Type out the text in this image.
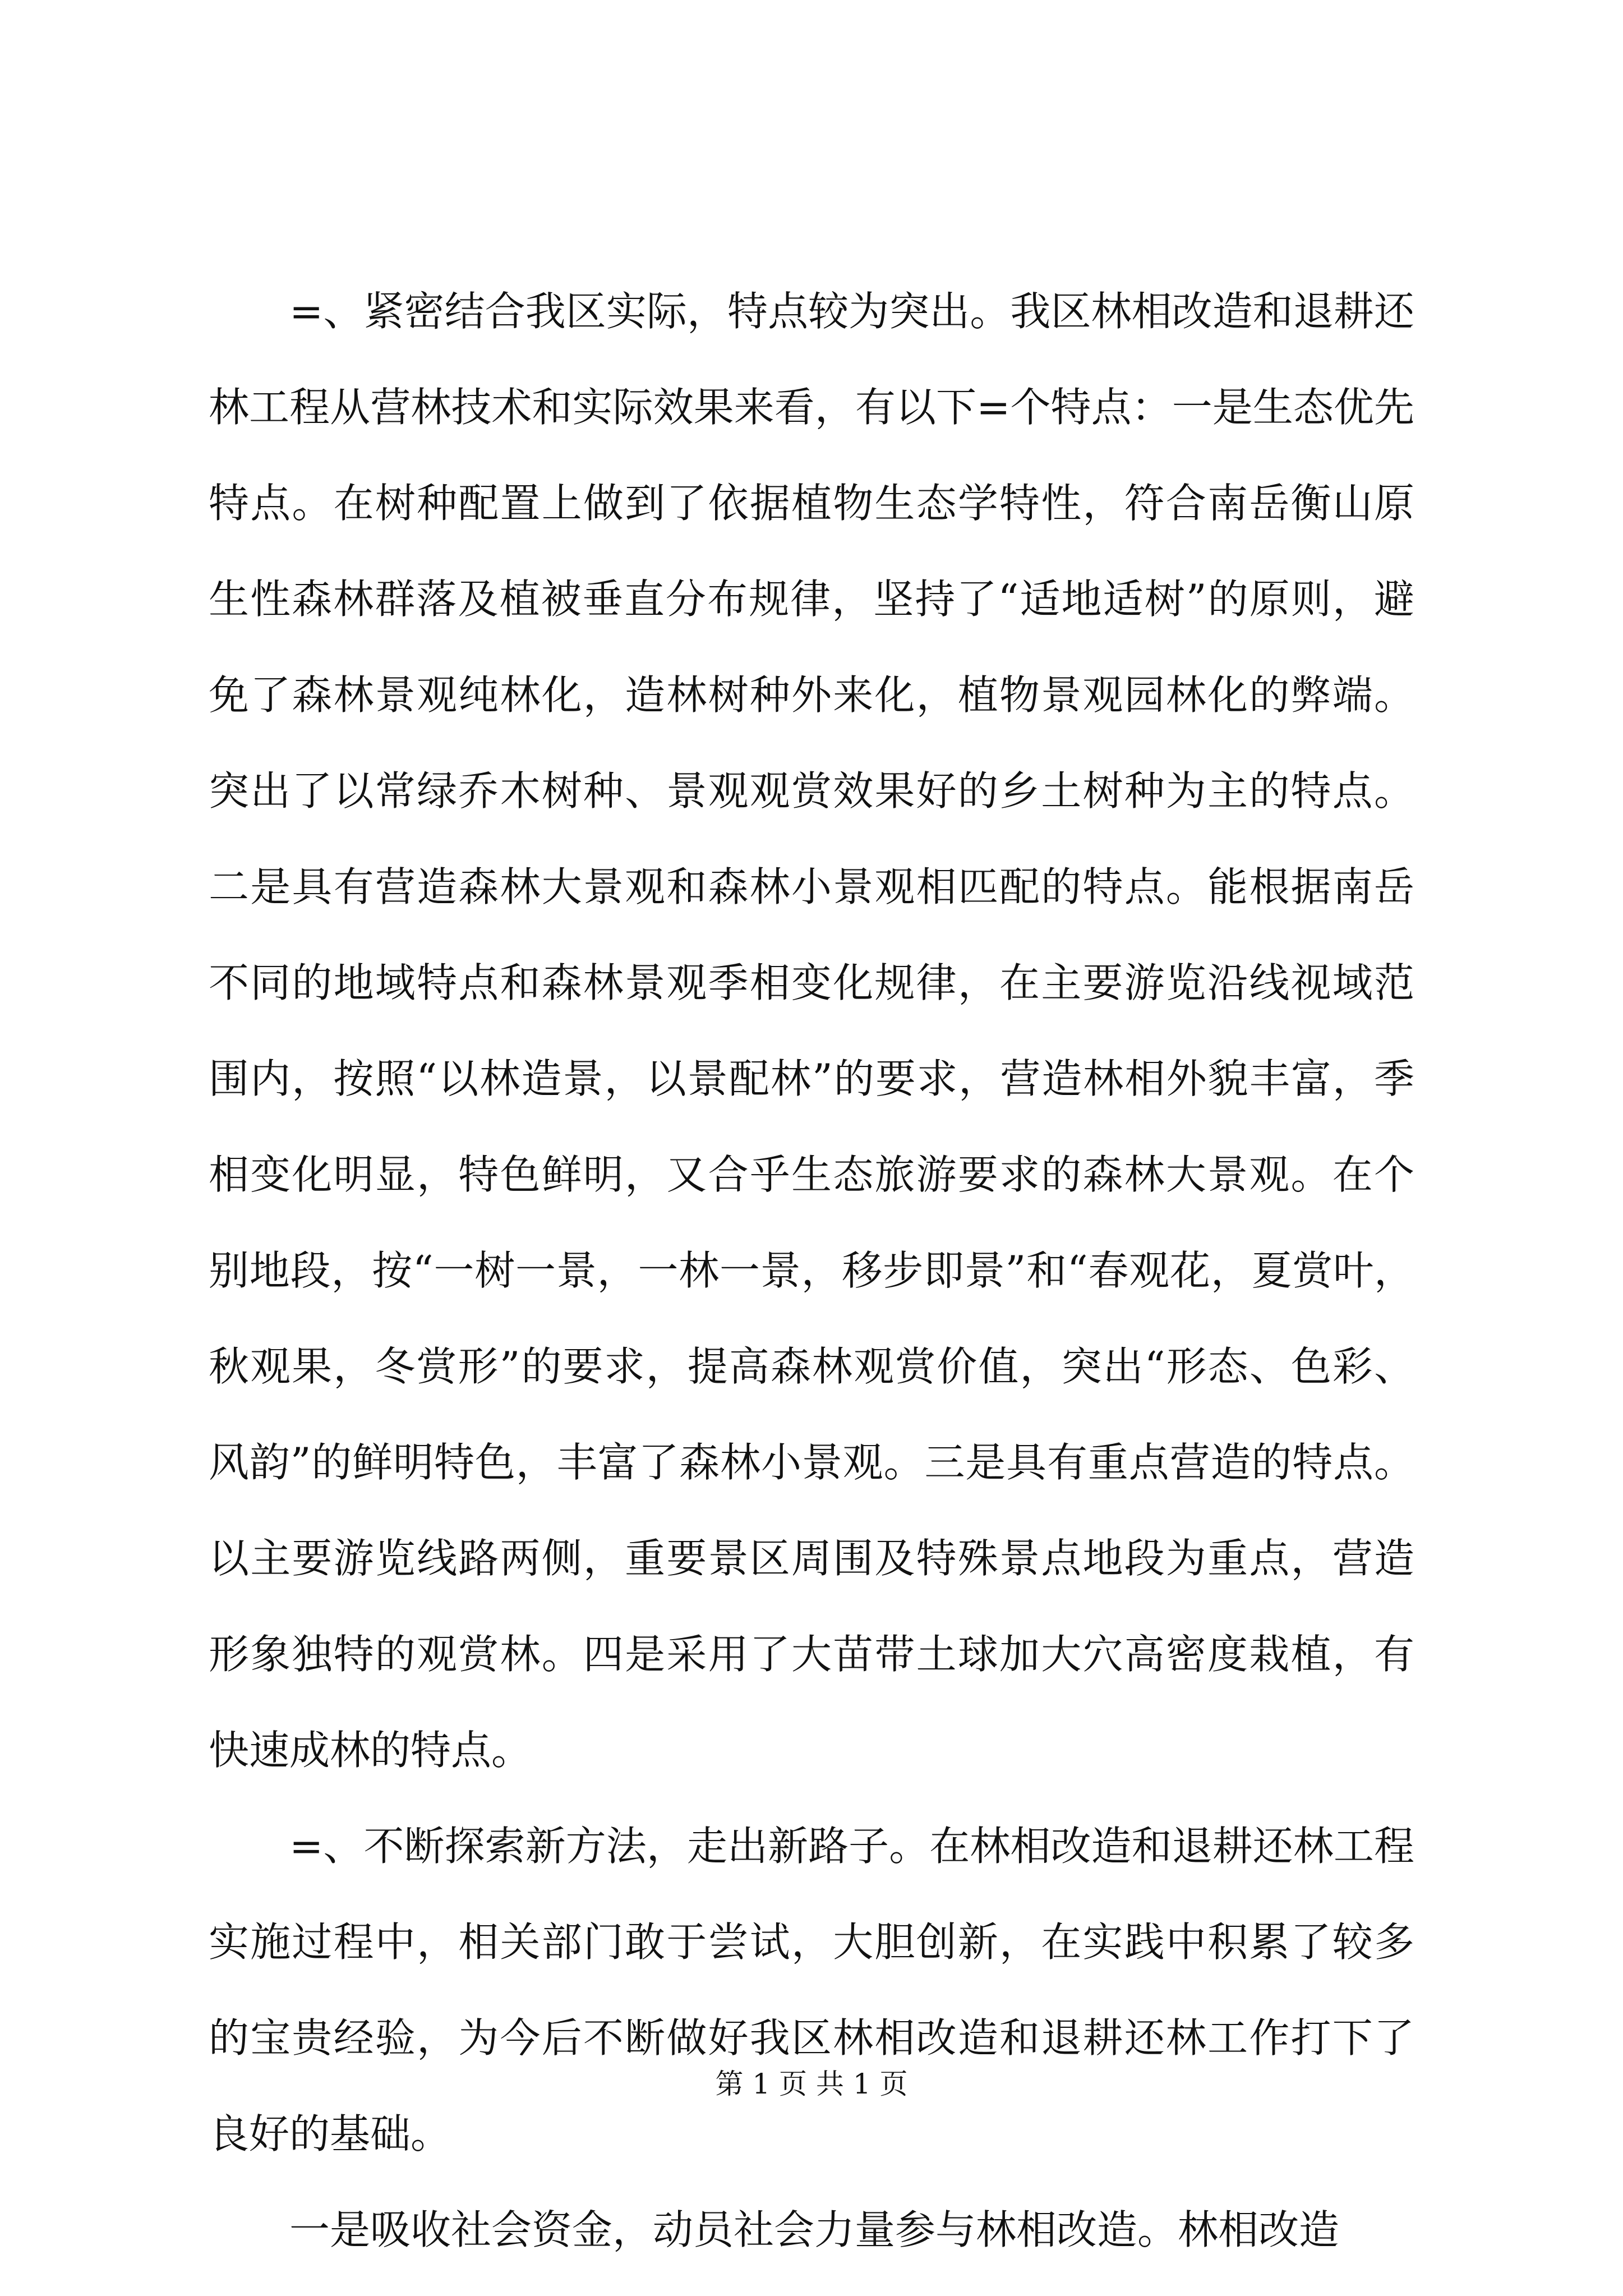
=、紧密结合我区实际，特点较为突出。我区林相改造和退耕还林工程从营林技术和实际效果来看，有以下=个特点：一是生态优先特点。在树种配置上做到了依据植物生态学特性，符合南岳衡山原生性森林群落及植被垂直分布规律，坚持了“适地适树”的原则，避免了森林景观纯林化，造林树种外来化，植物景观园林化的弊端。突出了以常绿乔木树种、景观观赏效果好的乡土树种为主的特点。二是具有营造森林大景观和森林小景观相匹配的特点。能根据南岳不同的地域特点和森林景观季相变化规律，在主要游览沿线视域范围内，按照“以林造景，以景配林”的要求，营造林相外貌丰富，季相变化明显，特色鲜明，又合乎生态旅游要求的森林大景观。在个别地段，按“一树一景，一林一景，移步即景”和“春观花，夏赏叶，秋观果，冬赏形”的要求，提高森林观赏价值，突出“形态、色彩、风韵”的鲜明特色，丰富了森林小景观。三是具有重点营造的特点。以主要游览线路两侧，重要景区周围及特殊景点地段为重点，营造形象独特的观赏林。四是采用了大苗带土球加大穴高密度栽植，有快速成林的特点。

=、不断探索新方法，走出新路子。在林相改造和退耕还林工程实施过程中，相关部门敢于尝试，大胆创新，在实践中积累了较多的宝贵经验，为今后不断做好我区林相改造和退耕还林工作打下了良好的基础。

一是吸收社会资金，动员社会力量参与林相改造。林相改造

第 1 页 共 1 页
